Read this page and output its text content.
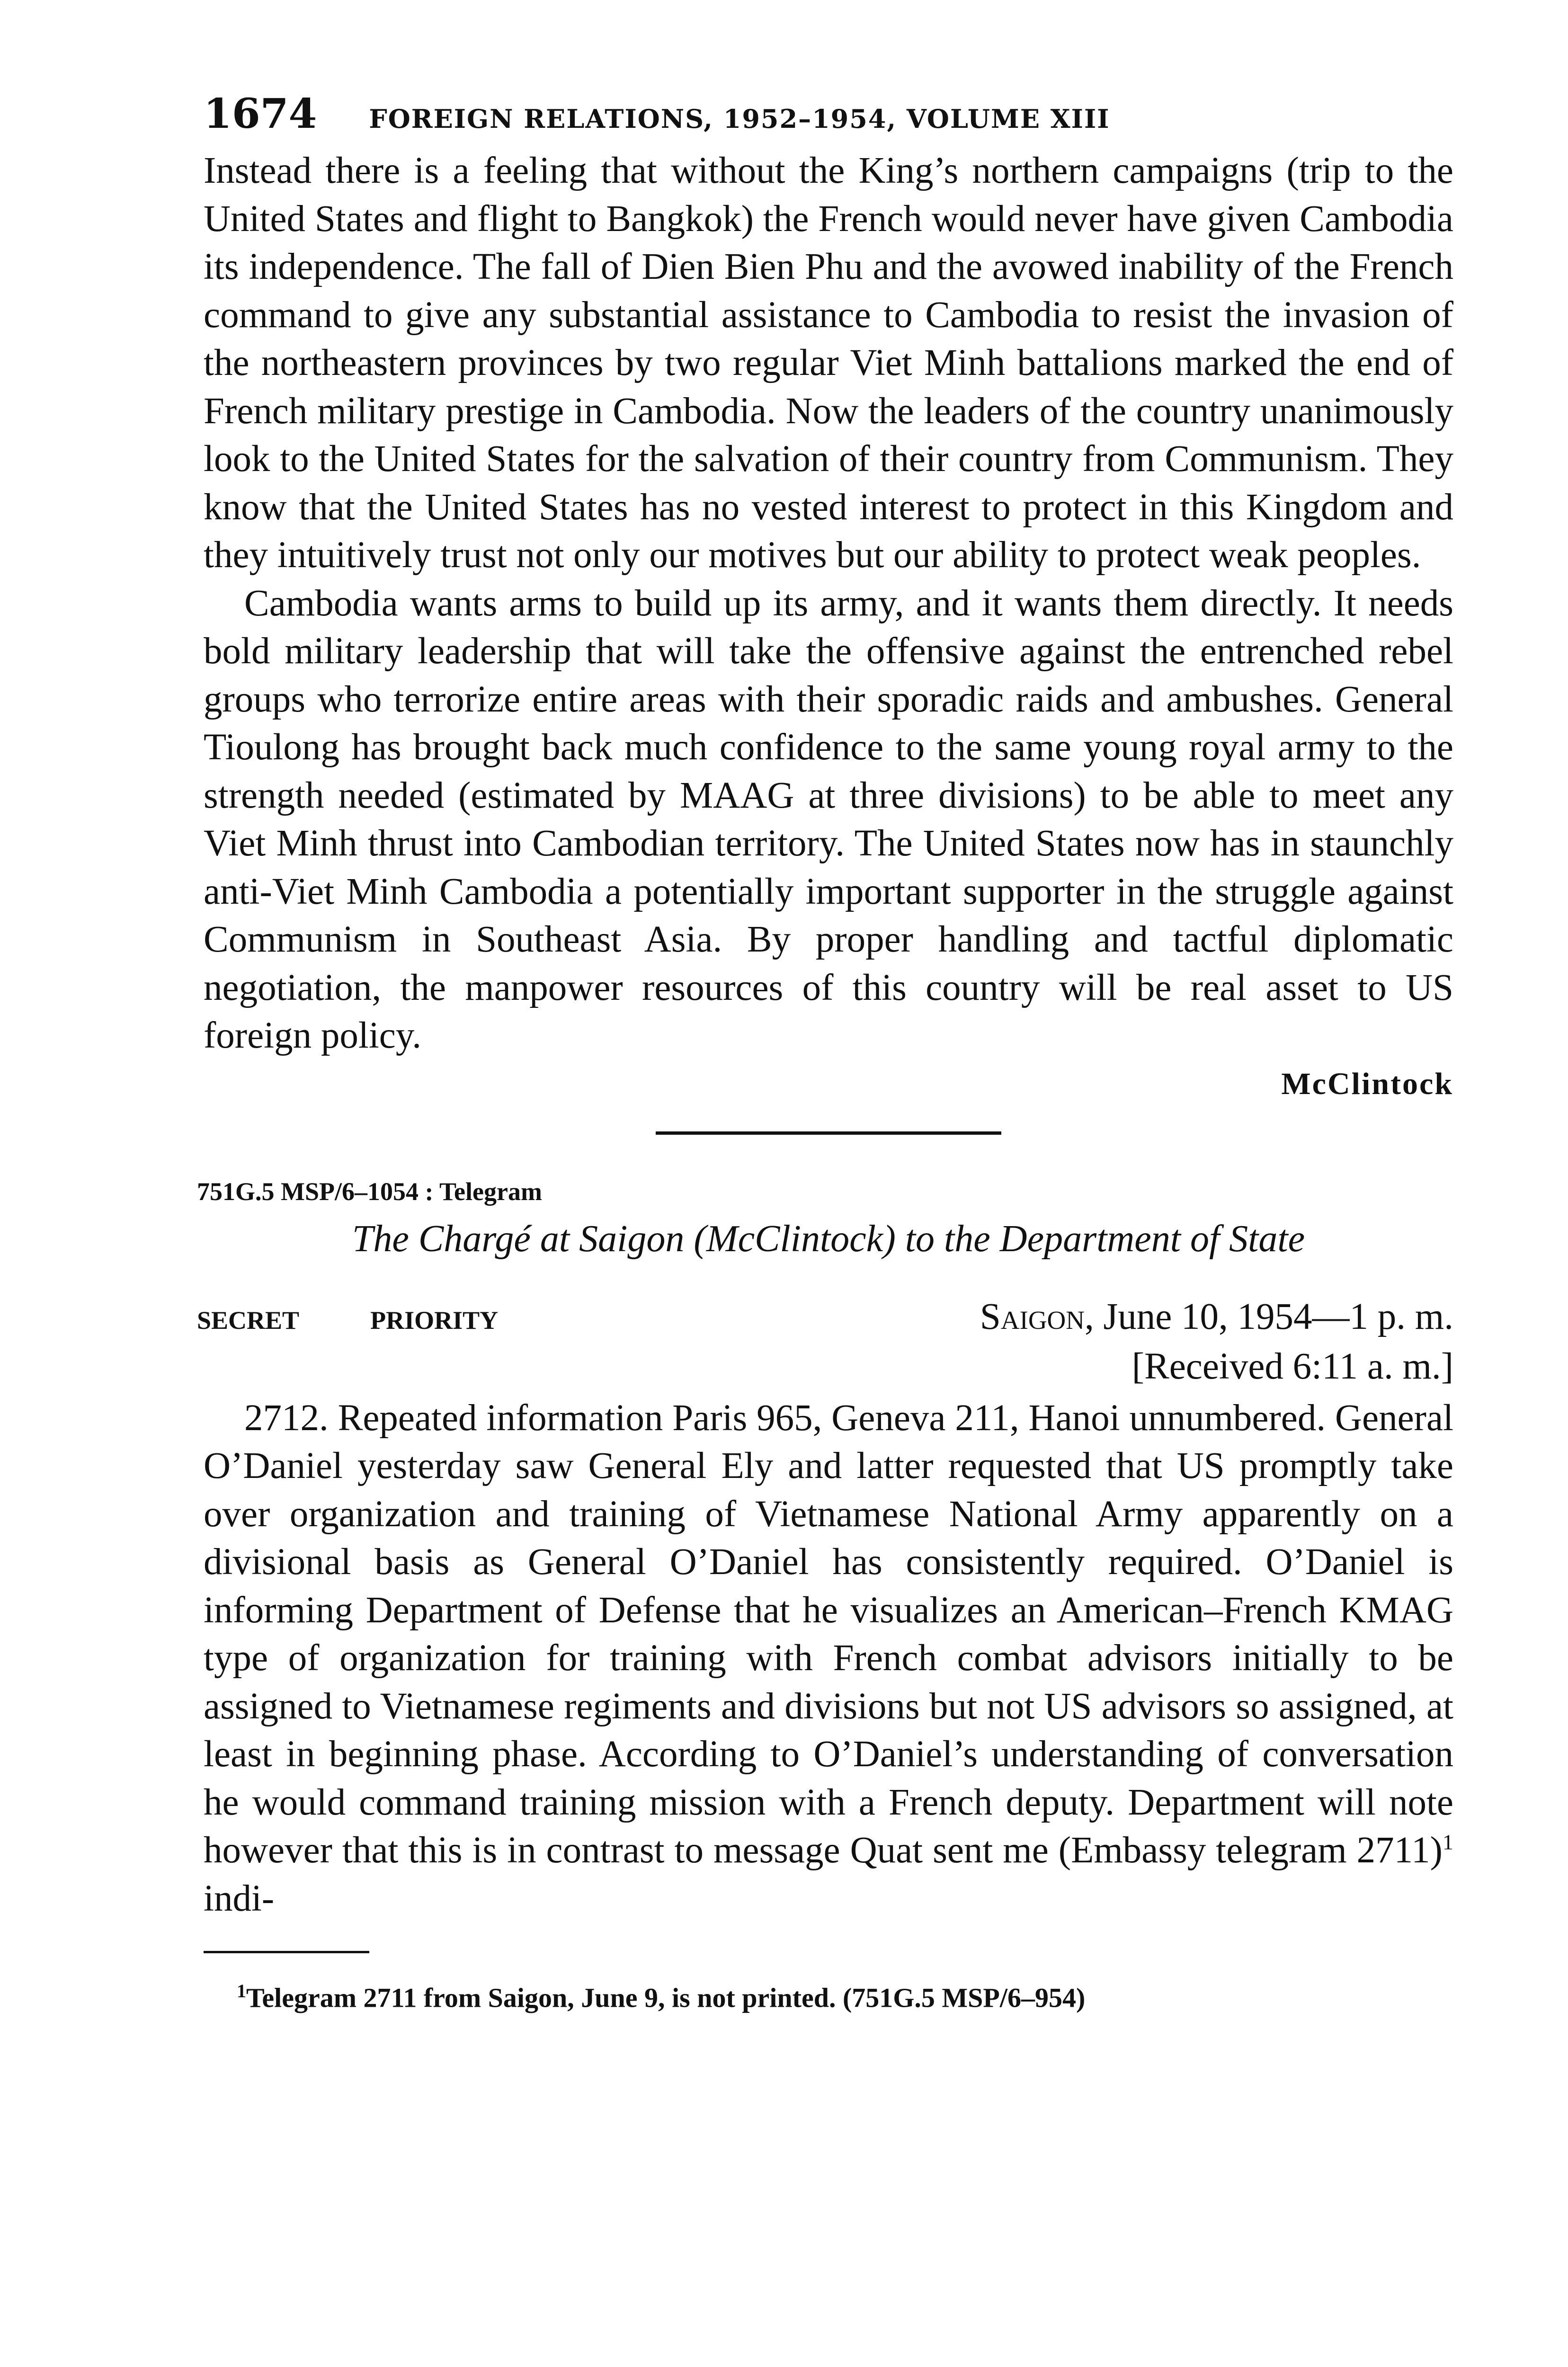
1674 FOREIGN RELATIONS, 1952–1954, VOLUME XIII

Instead there is a feeling that without the King’s northern campaigns (trip to the United States and flight to Bangkok) the French would never have given Cambodia its independence. The fall of Dien Bien Phu and the avowed inability of the French command to give any substantial assistance to Cambodia to resist the invasion of the northeastern provinces by two regular Viet Minh battalions marked the end of French military prestige in Cambodia. Now the leaders of the country unanimously look to the United States for the salvation of their country from Communism. They know that the United States has no vested interest to protect in this Kingdom and they intuitively trust not only our motives but our ability to protect weak peoples.

Cambodia wants arms to build up its army, and it wants them directly. It needs bold military leadership that will take the offensive against the entrenched rebel groups who terrorize entire areas with their sporadic raids and ambushes. General Tioulong has brought back much confidence to the same young royal army to the strength needed (estimated by MAAG at three divisions) to be able to meet any Viet Minh thrust into Cambodian territory. The United States now has in staunchly anti-Viet Minh Cambodia a potentially important supporter in the struggle against Communism in Southeast Asia. By proper handling and tactful diplomatic negotiation, the manpower resources of this country will be real asset to US foreign policy.

McClintock
751G.5 MSP/6–1054 : Telegram
The Chargé at Saigon (McClintock) to the Department of State
SECRET	PRIORITY	Saigon, June 10, 1954—1 p. m.
[Received 6:11 a. m.]

2712. Repeated information Paris 965, Geneva 211, Hanoi unnumbered. General O’Daniel yesterday saw General Ely and latter requested that US promptly take over organization and training of Vietnamese National Army apparently on a divisional basis as General O’Daniel has consistently required. O’Daniel is informing Department of Defense that he visualizes an American–French KMAG type of organization for training with French combat advisors initially to be assigned to Vietnamese regiments and divisions but not US advisors so assigned, at least in beginning phase. According to O’Daniel’s understanding of conversation he would command training mission with a French deputy. Department will note however that this is in contrast to message Quat sent me (Embassy telegram 2711)$^1$ indi-

$^1$Telegram 2711 from Saigon, June 9, is not printed. (751G.5 MSP/6–954)
